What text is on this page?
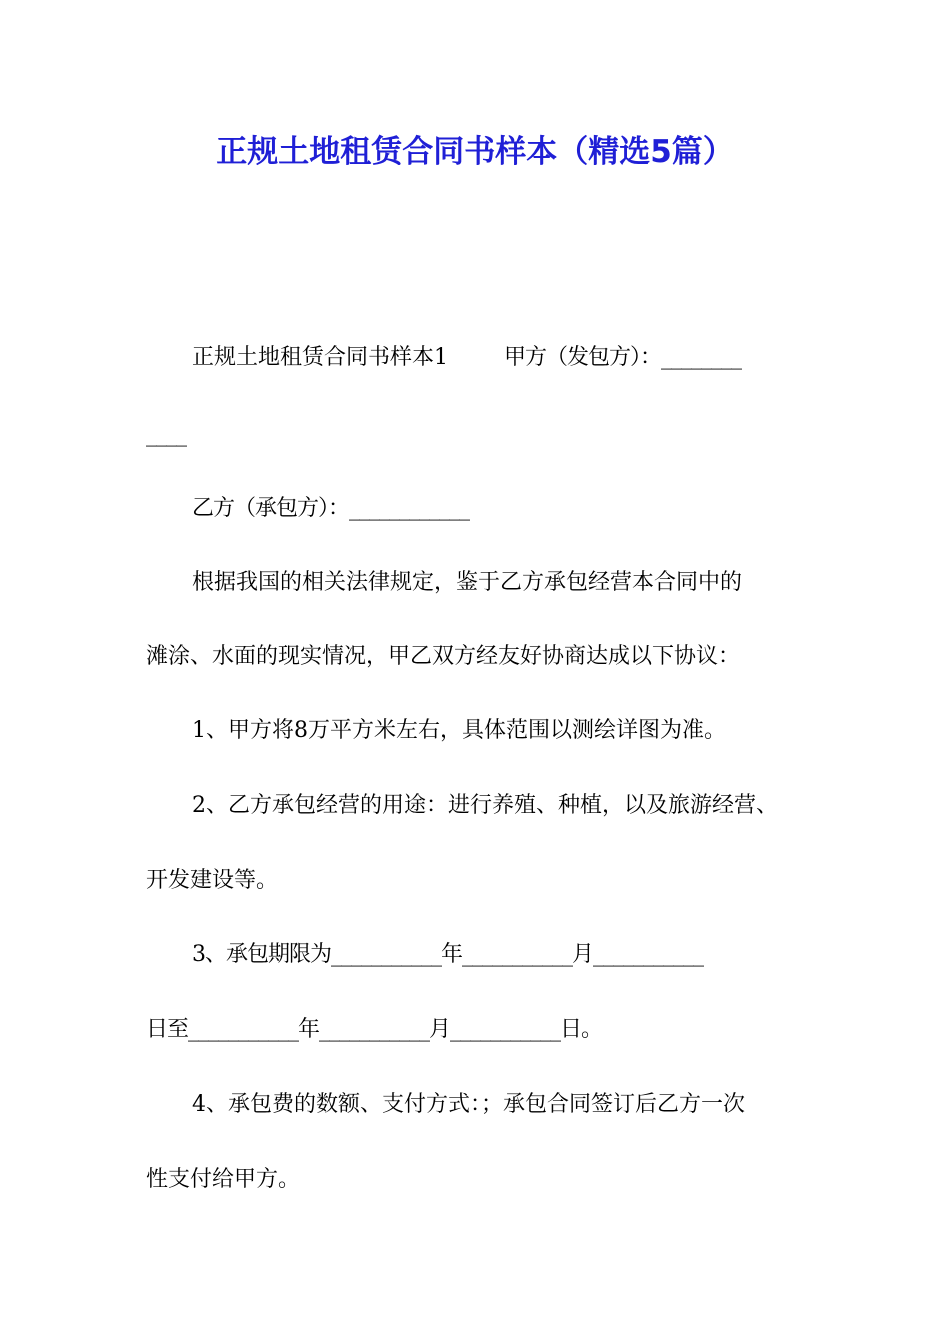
正规土地租赁合同书样本（精选5篇）
正规土地租赁合同书样本1	甲方（发包方）：________
____
乙方（承包方）：____________
根据我国的相关法律规定，鉴于乙方承包经营本合同中的
滩涂、水面的现实情况，甲乙双方经友好协商达成以下协议：
1、甲方将8万平方米左右，具体范围以测绘详图为准。
2、乙方承包经营的用途：进行养殖、种植，以及旅游经营、
开发建设等。
3、承包期限为___________年___________月___________
日至___________年___________月___________日。
4、承包费的数额、支付方式：；承包合同签订后乙方一次
性支付给甲方。
